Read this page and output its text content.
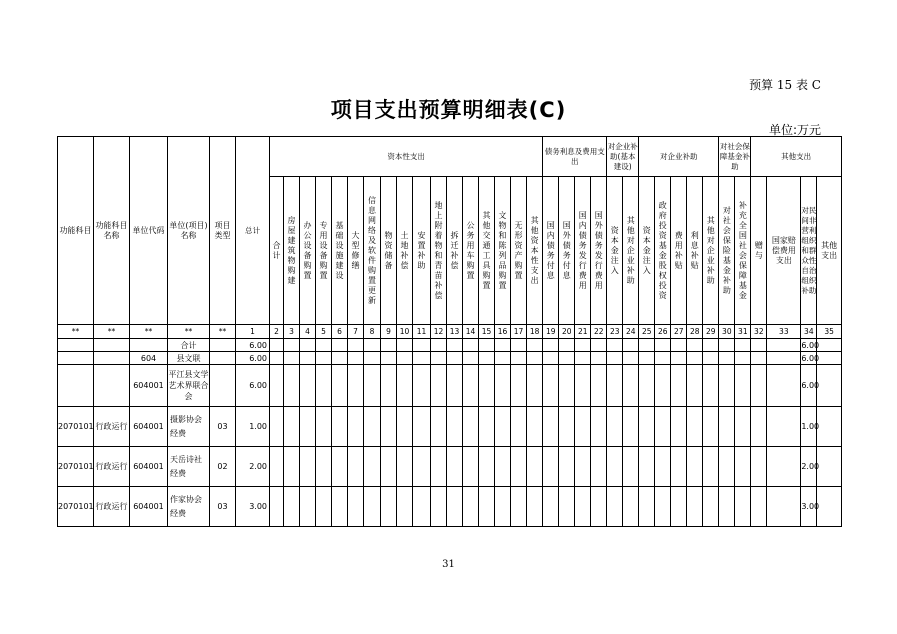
预算 15 表 C
项目支出预算明细表(C)
单位:万元
功能科目	功能科目名称	单位代码	单位(项目)名称	项目类型	总计	资本性支出																	债务利息及费用支出				对企业补助(基本建设)		对企业补助					对社会保障基金补助		其他支出			
						合计	房屋建筑物购建	办公设备购置	专用设备购置	基础设施建设	大型修缮	信息网络及软件购置更新	物资储备	土地补偿	安置补助	地上附着物和青苗补偿	拆迁补偿	公务用车购置	其他交通工具购置	文物和陈列品购置	无形资产购置	其他资本性支出	国内债务付息	国外债务付息	国内债务发行费用	国外债务发行费用	资本金注入	其他对企业补助	资本金注入	政府投资基金股权投资	费用补贴	利息补贴	其他对企业补助	对社会保险基金补助	补充全国社会保障基金	赠与	国家赔偿费用支出	对民间非营利组织和群众性自治组织补助	其他支出
**	**	**	**	**	1	2	3	4	5	6	7	8	9	10	11	12	13	14	15	16	17	18	19	20	21	22	23	24	25	26	27	28	29	30	31	32	33	34	35
			合计		6.00																																	6.00	
		604	县文联		6.00																																	6.00	
		604001	平江县文学艺术界联合会		6.00																																	6.00	
2070101	行政运行	604001	摄影协会经费	03	1.00																																	1.00	
2070101	行政运行	604001	天岳诗社经费	02	2.00																																	2.00	
2070101	行政运行	604001	作家协会经费	03	3.00																																	3.00	
31
